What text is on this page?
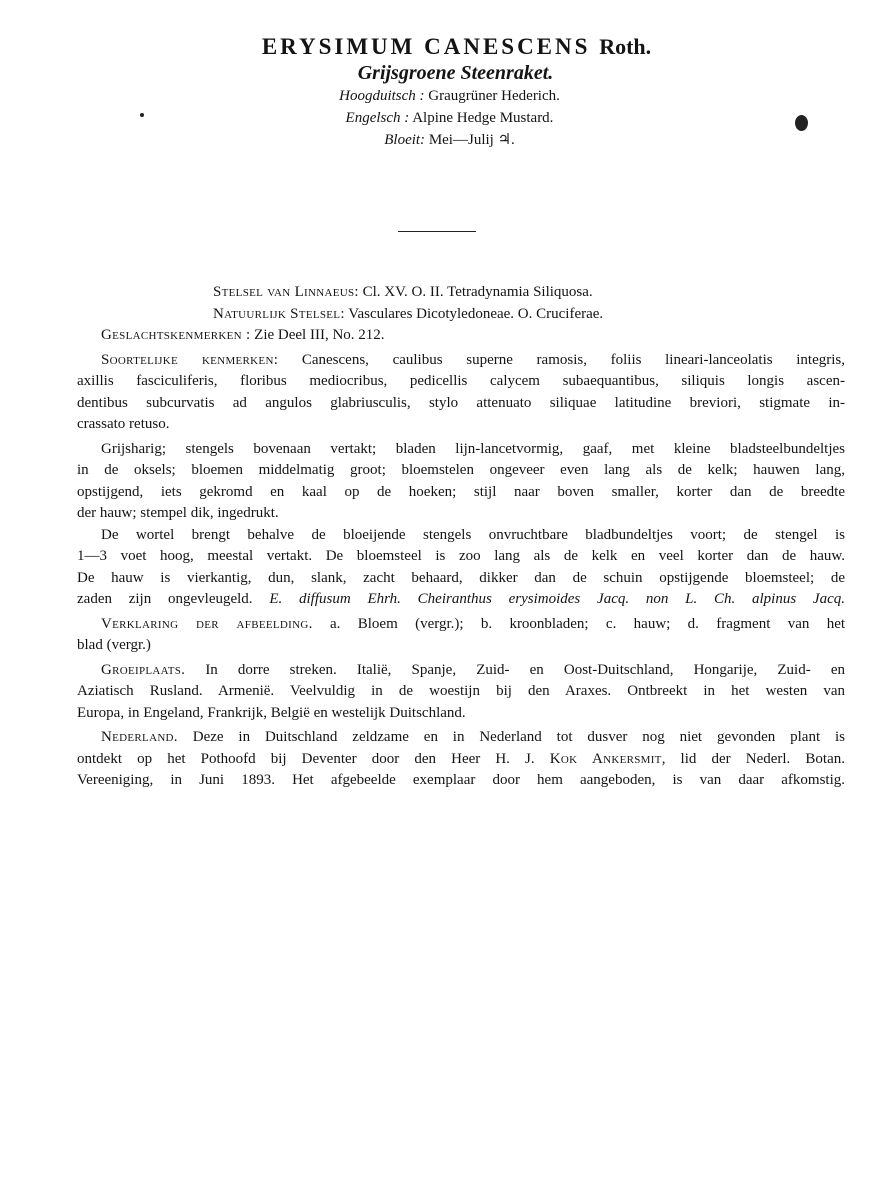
ERYSIMUM CANESCENS Roth.
Grijsgroene Steenraket.
Hoogduitsch : Graugrüner Hederich.
Engelsch : Alpine Hedge Mustard.
Bloeit: Mei—Julij ♃.
Stelsel van Linnaeus: Cl. XV. O. II. Tetradynamia Siliquosa.
Natuurlijk Stelsel: Vasculares Dicotyledoneae. O. Cruciferae.
Geslachtskenmerken : Zie Deel III, No. 212.
Soortelijke kenmerken: Canescens, caulibus superne ramosis, foliis lineari-lanceolatis integris,
axillis fasciculiferis, floribus mediocribus, pedicellis calycem subaequantibus, siliquis longis ascen-
dentibus subcurvatis ad angulos glabriusculis, stylo attenuato siliquae latitudine breviori, stigmate in-
crassato retuso.
Grijsharig; stengels bovenaan vertakt; bladen lijn-lancetvormig, gaaf, met kleine bladsteelbundeltjes
in de oksels; bloemen middelmatig groot; bloemstelen ongeveer even lang als de kelk; hauwen lang,
opstijgend, iets gekromd en kaal op de hoeken; stijl naar boven smaller, korter dan de breedte
der hauw; stempel dik, ingedrukt.
De wortel brengt behalve de bloeijende stengels onvruchtbare bladbundeltjes voort; de stengel is
1—3 voet hoog, meestal vertakt. De bloemsteel is zoo lang als de kelk en veel korter dan de hauw.
De hauw is vierkantig, dun, slank, zacht behaard, dikker dan de schuin opstijgende bloemsteel; de
zaden zijn ongevleugeld. E. diffusum Ehrh. Cheiranthus erysimoides Jacq. non L. Ch. alpinus Jacq.
Verklaring der afbeelding. a. Bloem (vergr.); b. kroonbladen; c. hauw; d. fragment van het
blad (vergr.)
Groeiplaats. In dorre streken. Italië, Spanje, Zuid- en Oost-Duitschland, Hongarije, Zuid- en
Aziatisch Rusland. Armenië. Veelvuldig in de woestijn bij den Araxes. Ontbreekt in het westen van
Europa, in Engeland, Frankrijk, België en westelijk Duitschland.
Nederland. Deze in Duitschland zeldzame en in Nederland tot dusver nog niet gevonden plant is
ontdekt op het Pothoofd bij Deventer door den Heer H. J. Kok Ankersmit, lid der Nederl. Botan.
Vereeniging, in Juni 1893. Het afgebeelde exemplaar door hem aangeboden, is van daar afkomstig.
